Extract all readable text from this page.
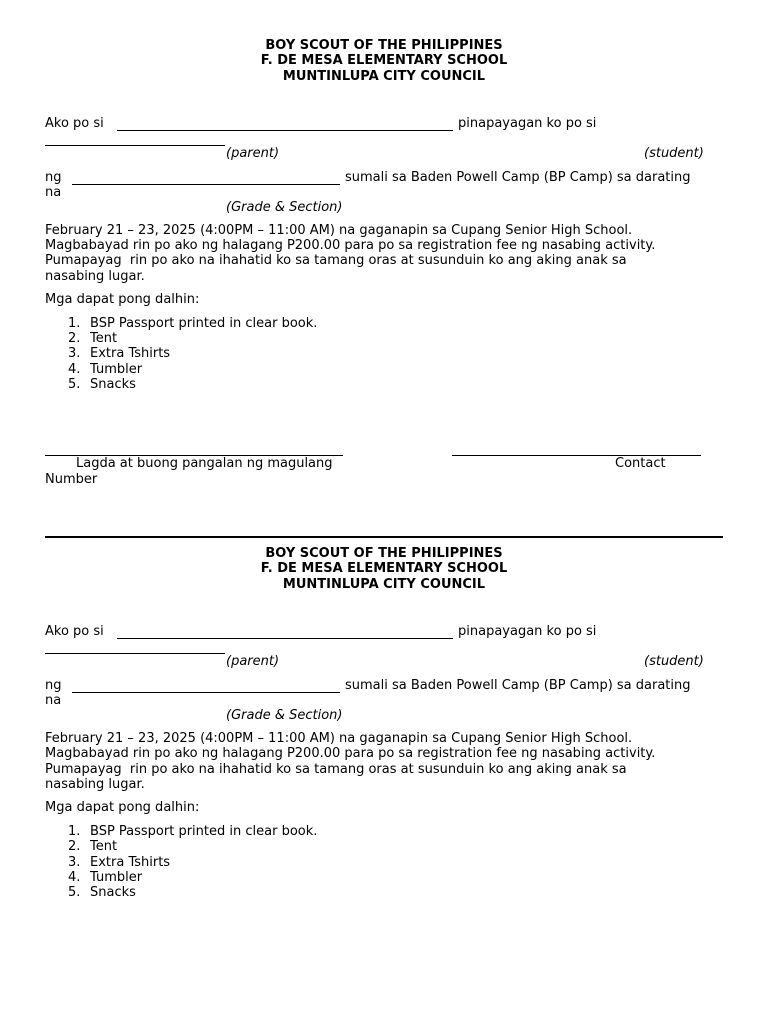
BOY SCOUT OF THE PHILIPPINES
F. DE MESA ELEMENTARY SCHOOL
MUNTINLUPA CITY COUNCIL
Ako po si	pinapayagan ko po si
(parent)	(student)
ng	sumali sa Baden Powell Camp (BP Camp) sa darating
na
(Grade & Section)
February 21 – 23, 2025 (4:00PM – 11:00 AM) na gaganapin sa Cupang Senior High School.
Magbabayad rin po ako ng halagang P200.00 para po sa registration fee ng nasabing activity.
Pumapayag  rin po ako na ihahatid ko sa tamang oras at susunduin ko ang aking anak sa
nasabing lugar.
Mga dapat pong dalhin:
1. BSP Passport printed in clear book.
2. Tent
3. Extra Tshirts
4. Tumbler
5. Snacks
Lagda at buong pangalan ng magulang	Contact
Number
BOY SCOUT OF THE PHILIPPINES
F. DE MESA ELEMENTARY SCHOOL
MUNTINLUPA CITY COUNCIL
Ako po si	pinapayagan ko po si
(parent)	(student)
ng	sumali sa Baden Powell Camp (BP Camp) sa darating
na
(Grade & Section)
February 21 – 23, 2025 (4:00PM – 11:00 AM) na gaganapin sa Cupang Senior High School.
Magbabayad rin po ako ng halagang P200.00 para po sa registration fee ng nasabing activity.
Pumapayag  rin po ako na ihahatid ko sa tamang oras at susunduin ko ang aking anak sa
nasabing lugar.
Mga dapat pong dalhin:
1. BSP Passport printed in clear book.
2. Tent
3. Extra Tshirts
4. Tumbler
5. Snacks
